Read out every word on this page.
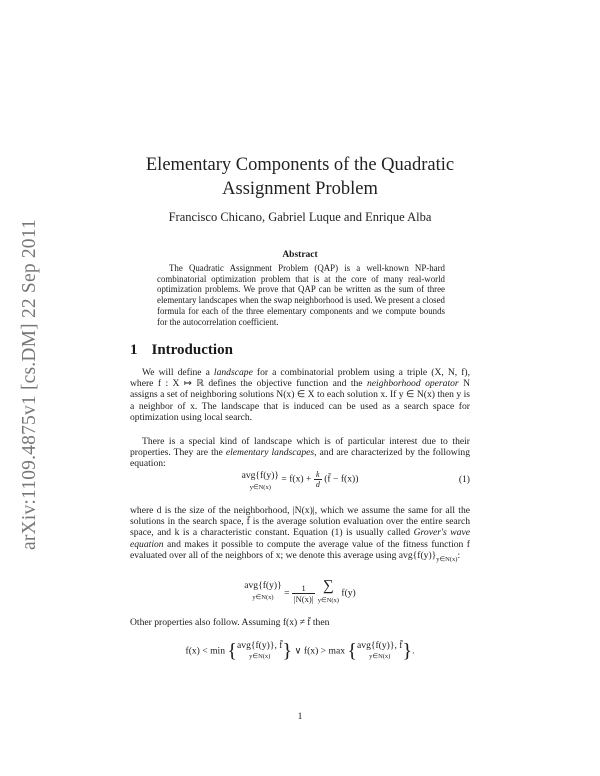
arXiv:1109.4875v1 [cs.DM] 22 Sep 2011
Elementary Components of the Quadratic
Assignment Problem
Francisco Chicano, Gabriel Luque and Enrique Alba
Abstract
The Quadratic Assignment Problem (QAP) is a well-known NP-hard combinatorial optimization problem that is at the core of many real-world optimization problems. We prove that QAP can be written as the sum of three elementary landscapes when the swap neighborhood is used. We present a closed formula for each of the three elementary components and we compute bounds for the autocorrelation coefficient.
1 Introduction
We will define a landscape for a combinatorial problem using a triple (X, N, f), where f : X ↦ ℝ defines the objective function and the neighborhood operator N assigns a set of neighboring solutions N(x) ∈ X to each solution x. If y ∈ N(x) then y is a neighbor of x. The landscape that is induced can be used as a search space for optimization using local search.
There is a special kind of landscape which is of particular interest due to their properties. They are the elementary landscapes, and are characterized by the following equation:
avg{f(y)}
y∈N(x) = $f(x) + \frac{k}{d}$ (f̄ − f(x))	(1)
where d is the size of the neighborhood, |N(x)|, which we assume the same for all the solutions in the search space, f̄ is the average solution evaluation over the entire search space, and k is a characteristic constant. Equation (1) is usually called Grover's wave equation and makes it possible to compute the average value of the fitness function f evaluated over all of the neighbors of x; we denote this average using $avg\{f(y)\}_{y\in N(x)}$:
avg{f(y)}
y∈N(x) = $\frac{1}{|N(x)|}$ ∑
y∈N(x) f(y)
Other properties also follow. Assuming f(x) ≠ f̄ then
f(x) < min {avg{f(y)}, f̄
y∈N(x) } ∨ f(x) > max {avg{f(y)}, f̄
y∈N(x) }.
1
